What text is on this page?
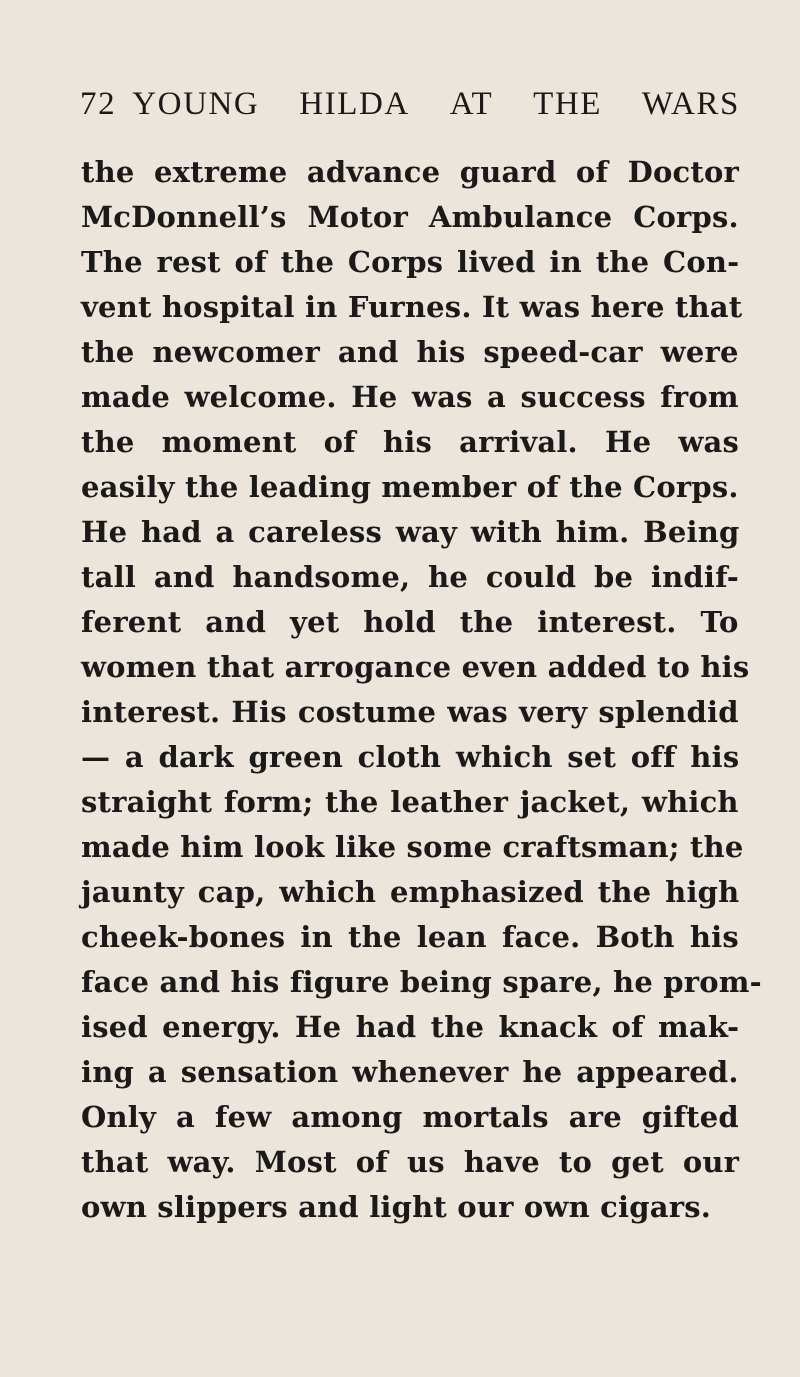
72 YOUNG HILDA AT THE WARS
the extreme advance guard of Doctor
McDonnell’s Motor Ambulance Corps.
The rest of the Corps lived in the Con-
vent hospital in Furnes. It was here that
the newcomer and his speed-car were
made welcome. He was a success from
the moment of his arrival. He was
easily the leading member of the Corps.
He had a careless way with him. Being
tall and handsome, he could be indif-
ferent and yet hold the interest. To
women that arrogance even added to his
interest. His costume was very splendid
— a dark green cloth which set off his
straight form; the leather jacket, which
made him look like some craftsman; the
jaunty cap, which emphasized the high
cheek-bones in the lean face. Both his
face and his figure being spare, he prom-
ised energy. He had the knack of mak-
ing a sensation whenever he appeared.
Only a few among mortals are gifted
that way. Most of us have to get our
own slippers and light our own cigars.
